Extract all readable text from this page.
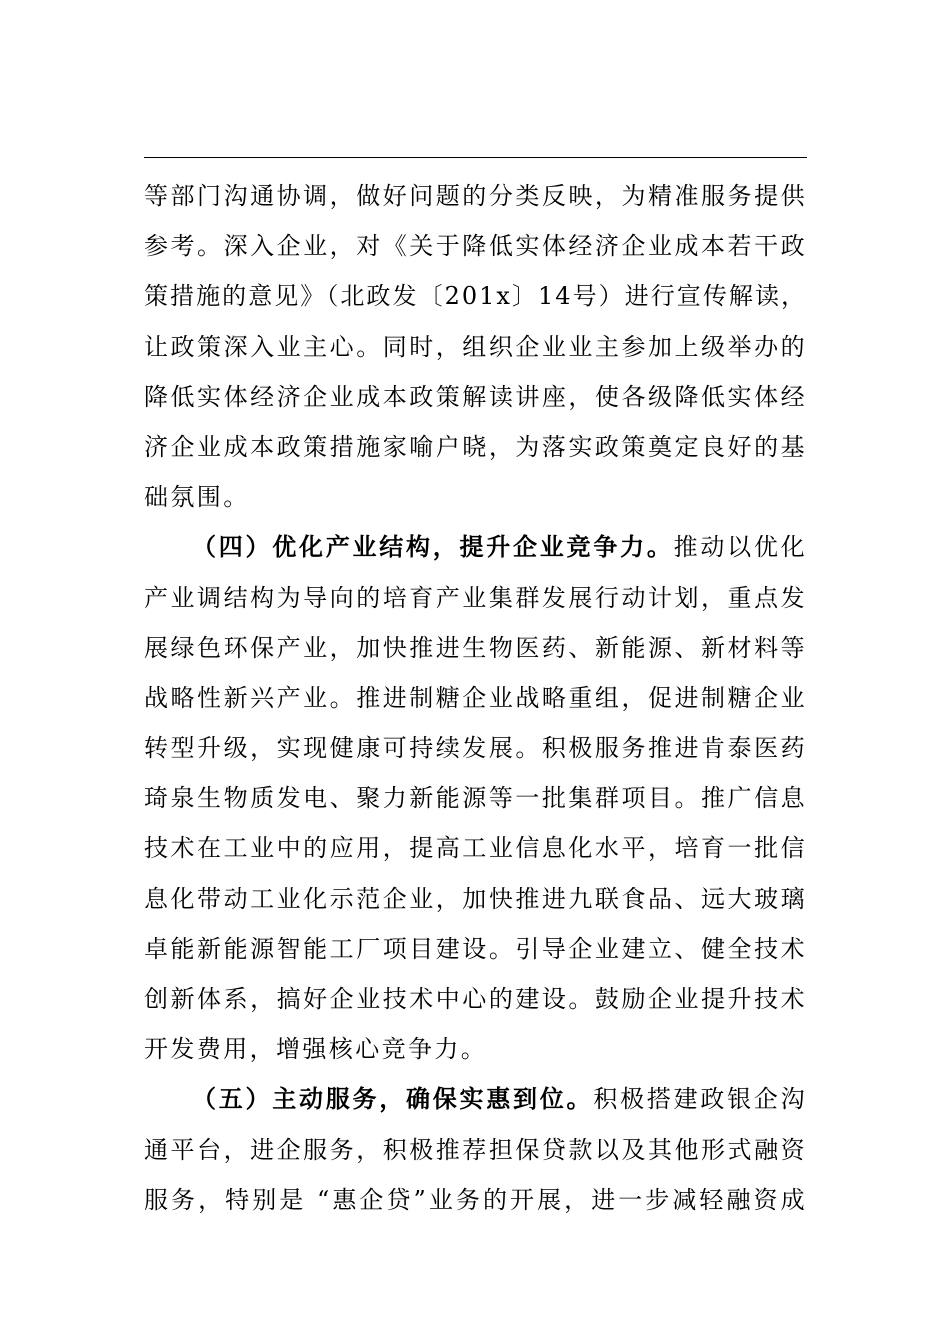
等部门沟通协调，做好问题的分类反映，为精准服务提供
参考。深入企业，对《关于降低实体经济企业成本若干政
策措施的意见》（北政发〔201x〕14号）进行宣传解读，
让政策深入业主心。同时，组织企业业主参加上级举办的
降低实体经济企业成本政策解读讲座，使各级降低实体经
济企业成本政策措施家喻户晓，为落实政策奠定良好的基
础氛围。
（四）优化产业结构，提升企业竞争力。推动以优化
产业调结构为导向的培育产业集群发展行动计划，重点发
展绿色环保产业，加快推进生物医药、新能源、新材料等
战略性新兴产业。推进制糖企业战略重组，促进制糖企业
转型升级，实现健康可持续发展。积极服务推进肯泰医药
琦泉生物质发电、聚力新能源等一批集群项目。推广信息
技术在工业中的应用，提高工业信息化水平，培育一批信
息化带动工业化示范企业，加快推进九联食品、远大玻璃
卓能新能源智能工厂项目建设。引导企业建立、健全技术
创新体系，搞好企业技术中心的建设。鼓励企业提升技术
开发费用，增强核心竞争力。
（五）主动服务，确保实惠到位。积极搭建政银企沟
通平台，进企服务，积极推荐担保贷款以及其他形式融资
服务，特别是 “惠企贷”业务的开展，进一步减轻融资成
